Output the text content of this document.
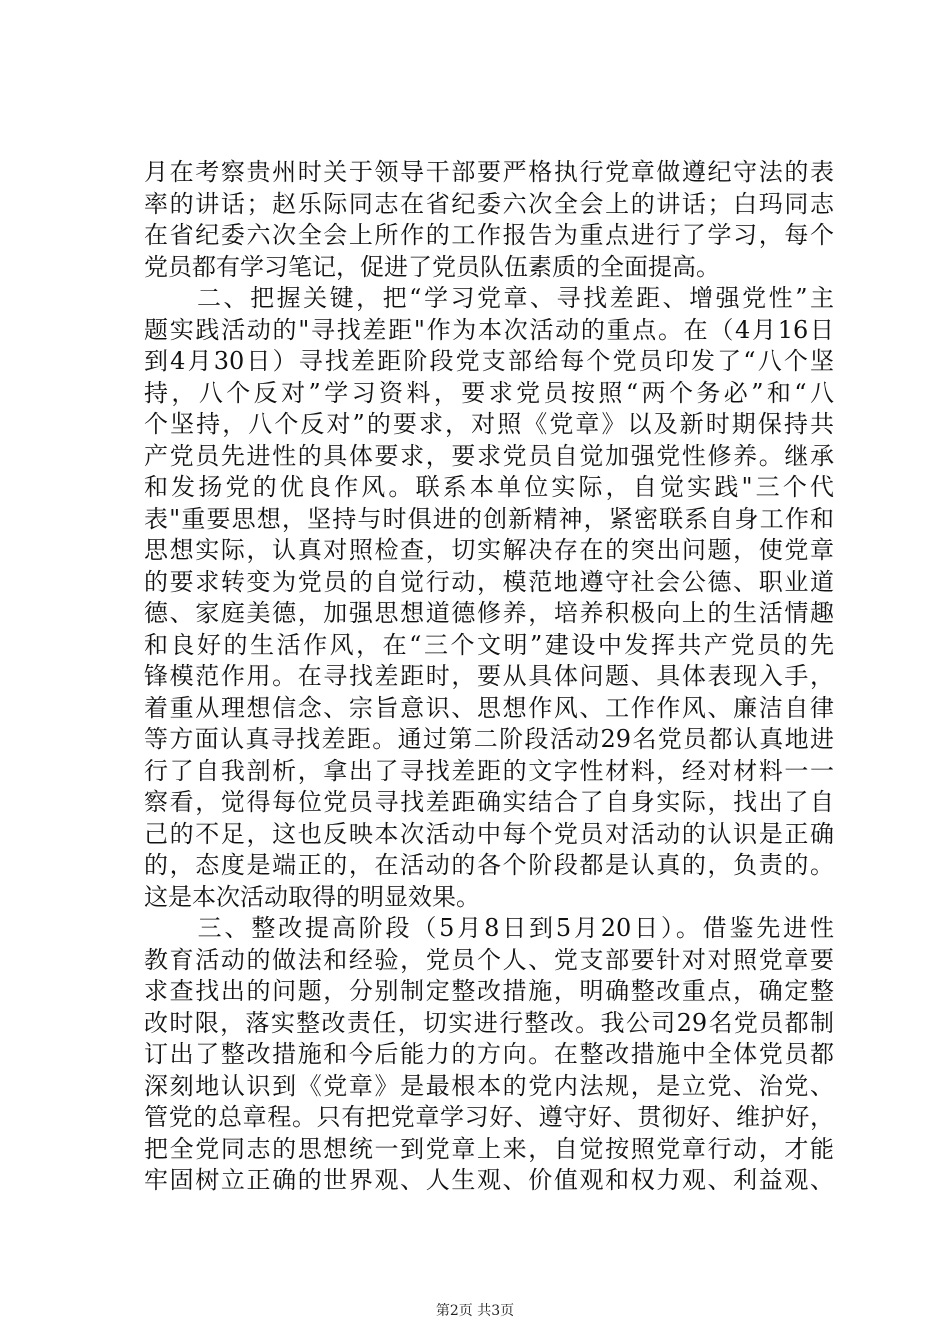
月在考察贵州时关于领导干部要严格执行党章做遵纪守法的表
率的讲话；赵乐际同志在省纪委六次全会上的讲话；白玛同志
在省纪委六次全会上所作的工作报告为重点进行了学习，每个
党员都有学习笔记，促进了党员队伍素质的全面提高。
　　二、把握关键，把“学习党章、寻找差距、增强党性”主
题实践活动的"寻找差距"作为本次活动的重点。在（4月16日
到4月30日）寻找差距阶段党支部给每个党员印发了“八个坚
持，八个反对”学习资料，要求党员按照“两个务必”和“八
个坚持，八个反对”的要求，对照《党章》以及新时期保持共
产党员先进性的具体要求，要求党员自觉加强党性修养。继承
和发扬党的优良作风。联系本单位实际，自觉实践"三个代
表"重要思想，坚持与时俱进的创新精神，紧密联系自身工作和
思想实际，认真对照检查，切实解决存在的突出问题，使党章
的要求转变为党员的自觉行动，模范地遵守社会公德、职业道
德、家庭美德，加强思想道德修养，培养积极向上的生活情趣
和良好的生活作风，在“三个文明”建设中发挥共产党员的先
锋模范作用。在寻找差距时，要从具体问题、具体表现入手，
着重从理想信念、宗旨意识、思想作风、工作作风、廉洁自律
等方面认真寻找差距。通过第二阶段活动29名党员都认真地进
行了自我剖析，拿出了寻找差距的文字性材料，经对材料一一
察看，觉得每位党员寻找差距确实结合了自身实际，找出了自
己的不足，这也反映本次活动中每个党员对活动的认识是正确
的，态度是端正的，在活动的各个阶段都是认真的，负责的。
这是本次活动取得的明显效果。
　　三、整改提高阶段（5月8日到5月20日）。借鉴先进性
教育活动的做法和经验，党员个人、党支部要针对对照党章要
求查找出的问题，分别制定整改措施，明确整改重点，确定整
改时限，落实整改责任，切实进行整改。我公司29名党员都制
订出了整改措施和今后能力的方向。在整改措施中全体党员都
深刻地认识到《党章》是最根本的党内法规，是立党、治党、
管党的总章程。只有把党章学习好、遵守好、贯彻好、维护好，
把全党同志的思想统一到党章上来，自觉按照党章行动，才能
牢固树立正确的世界观、人生观、价值观和权力观、利益观、
第2页 共3页
